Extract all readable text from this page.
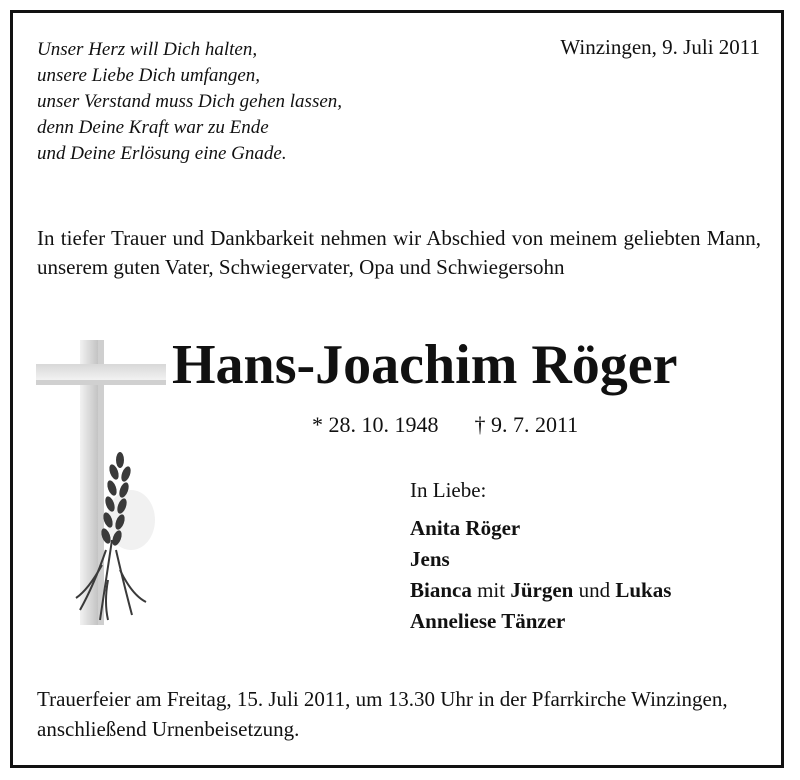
Unser Herz will Dich halten,
unsere Liebe Dich umfangen,
unser Verstand muss Dich gehen lassen,
denn Deine Kraft war zu Ende
und Deine Erlösung eine Gnade.
Winzingen, 9. Juli 2011
In tiefer Trauer und Dankbarkeit nehmen wir Abschied von meinem geliebten Mann, unserem guten Vater, Schwiegervater, Opa und Schwiegersohn
Hans-Joachim Röger
* 28. 10. 1948 † 9. 7. 2011
In Liebe:
Anita Röger
Jens
Bianca mit Jürgen und Lukas
Anneliese Tänzer
Trauerfeier am Freitag, 15. Juli 2011, um 13.30 Uhr in der Pfarrkirche Winzingen, anschließend Urnenbeisetzung.
